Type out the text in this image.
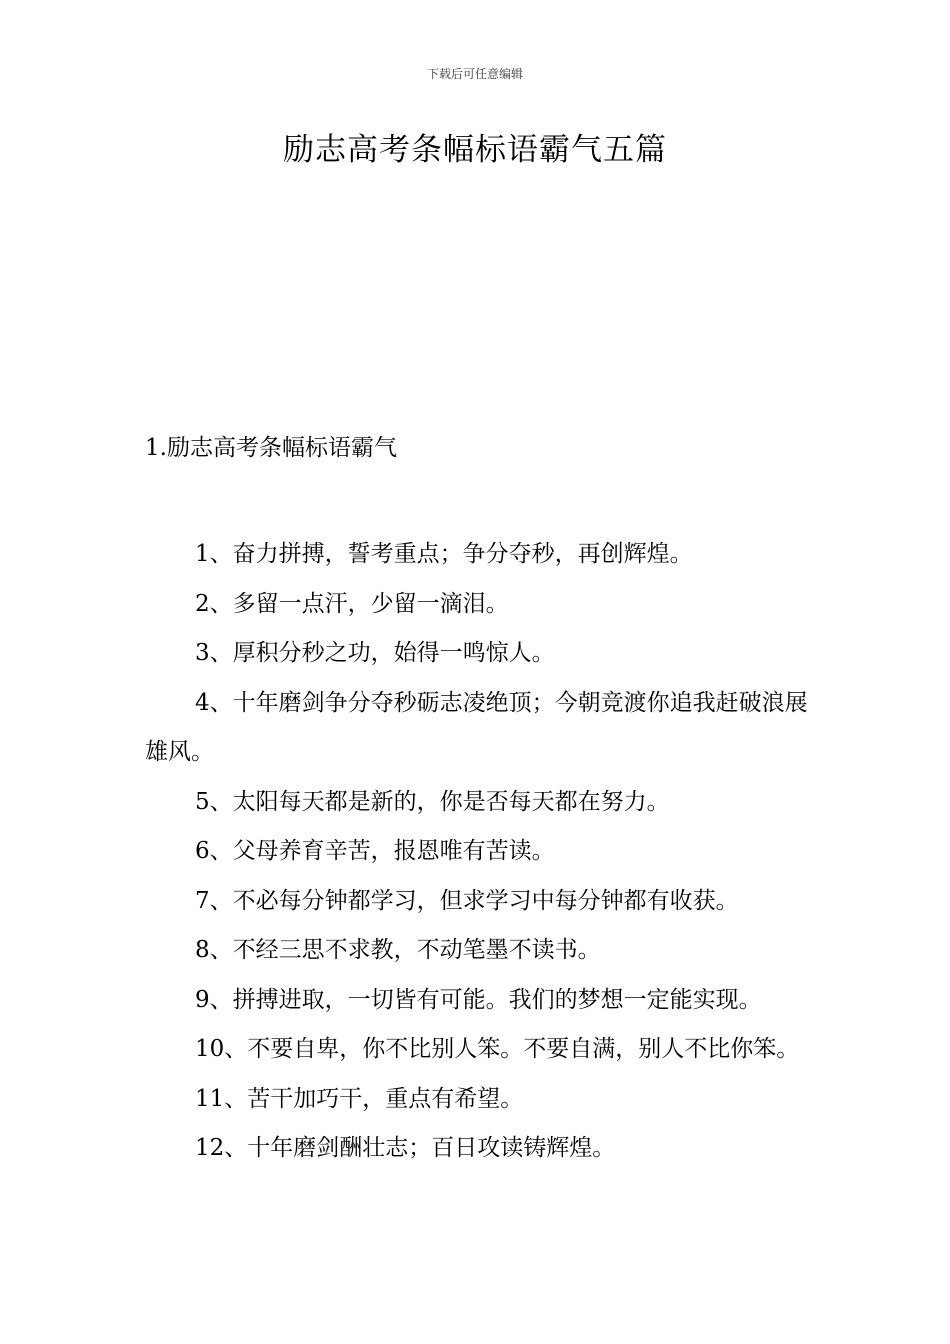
下载后可任意编辑
励志高考条幅标语霸气五篇
1.励志高考条幅标语霸气
1、奋力拼搏，誓考重点；争分夺秒，再创辉煌。
2、多留一点汗，少留一滴泪。
3、厚积分秒之功，始得一鸣惊人。
4、十年磨剑争分夺秒砺志凌绝顶；今朝竞渡你追我赶破浪展雄风。
5、太阳每天都是新的，你是否每天都在努力。
6、父母养育辛苦，报恩唯有苦读。
7、不必每分钟都学习，但求学习中每分钟都有收获。
8、不经三思不求教，不动笔墨不读书。
9、拼搏进取，一切皆有可能。我们的梦想一定能实现。
10、不要自卑，你不比别人笨。不要自满，别人不比你笨。
11、苦干加巧干，重点有希望。
12、十年磨剑酬壮志；百日攻读铸辉煌。
